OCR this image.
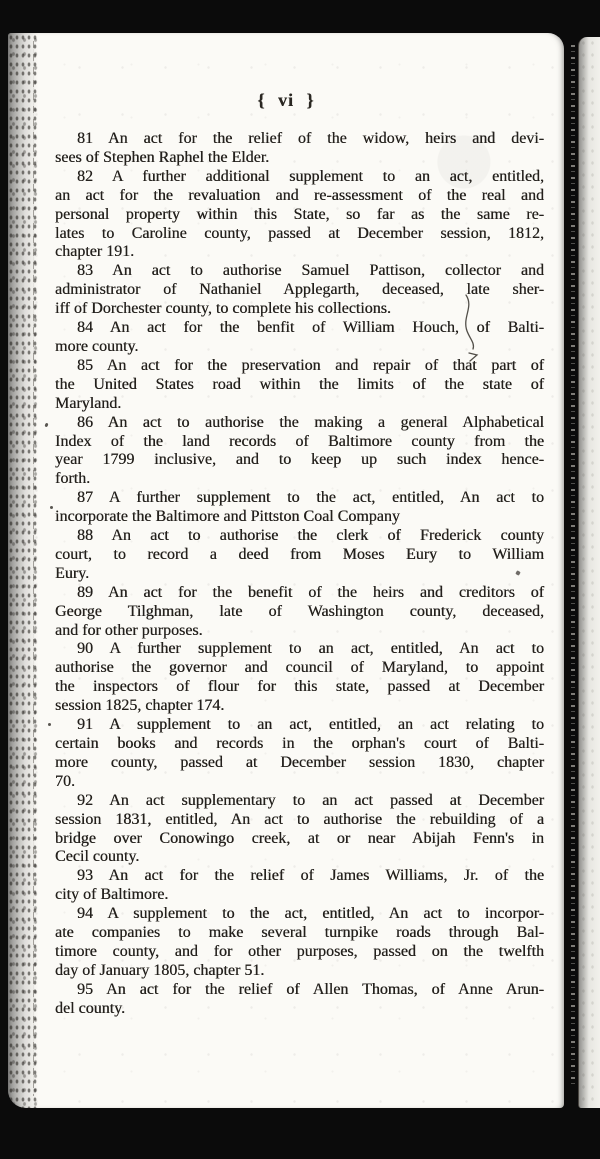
{ vi }
81 An act for the relief of the widow, heirs and devi-
sees of Stephen Raphel the Elder.
82 A further additional supplement to an act, entitled,
an act for the revaluation and re-assessment of the real and
personal property within this State, so far as the same re-
lates to Caroline county, passed at December session, 1812,
chapter 191.
83 An act to authorise Samuel Pattison, collector and
administrator of Nathaniel Applegarth, deceased, late sher-
iff of Dorchester county, to complete his collections.
84 An act for the benfit of William Houch, of Balti-
more county.
85 An act for the preservation and repair of that part of
the United States road within the limits of the state of
Maryland.
86 An act to authorise the making a general Alphabetical
Index of the land records of Baltimore county from the
year 1799 inclusive, and to keep up such index hence-
forth.
87 A further supplement to the act, entitled, An act to
incorporate the Baltimore and Pittston Coal Company
88 An act to authorise the clerk of Frederick county
court, to record a deed from Moses Eury to William
Eury.
89 An act for the benefit of the heirs and creditors of
George Tilghman, late of Washington county, deceased,
and for other purposes.
90 A further supplement to an act, entitled, An act to
authorise the governor and council of Maryland, to appoint
the inspectors of flour for this state, passed at December
session 1825, chapter 174.
91 A supplement to an act, entitled, an act relating to
certain books and records in the orphan's court of Balti-
more county, passed at December session 1830, chapter
70.
92 An act supplementary to an act passed at December
session 1831, entitled, An act to authorise the rebuilding of a
bridge over Conowingo creek, at or near Abijah Fenn's in
Cecil county.
93 An act for the relief of James Williams, Jr. of the
city of Baltimore.
94 A supplement to the act, entitled, An act to incorpor-
ate companies to make several turnpike roads through Bal-
timore county, and for other purposes, passed on the twelfth
day of January 1805, chapter 51.
95 An act for the relief of Allen Thomas, of Anne Arun-
del county.
